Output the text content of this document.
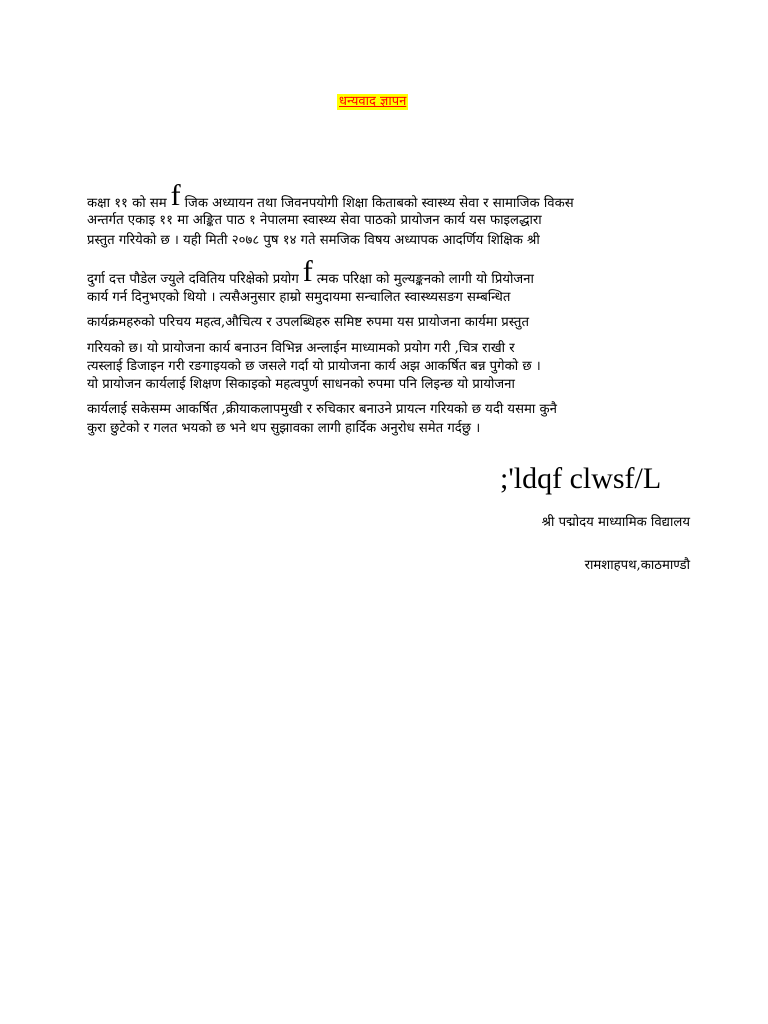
धन्यवाद ज्ञापन
कक्षा ११ को सम f जिक अध्यायन तथा जिवनपयोगी शिक्षा किताबको स्वास्थ्य सेवा र सामाजिक विकस
अन्तर्गत एकाइ ११ मा अङ्कित पाठ १ नेपालमा स्वास्थ्य सेवा पाठको प्रायोजन कार्य यस फाइलद्धारा
प्रस्तुत गरियेको छ । यही मिती २०७८ पुष १४ गते समजिक विषय अध्यापक आदर्णिय शिक्षिक श्री
दुर्गा दत्त पौडेल ज्युले दवितिय परिक्षेको प्रयोग f त्मक परिक्षा को मुल्यङ्कनको लागी यो प्रियोजना
कार्य गर्न दिनुभएको थियो । त्यसैअनुसार हाम्रो समुदायमा सन्चालित स्वास्थ्यसङग सम्बन्धित
कार्यक्रमहरुको परिचय महत्व,औचित्य र उपलब्धिहरु समिष्ट रुपमा यस प्रायोजना कार्यमा प्रस्तुत
गरियको छ। यो प्रायोजना कार्य बनाउन विभिन्न अन्लाईन माध्यामको प्रयोग गरी ,चित्र राखी र
त्यस्लाई डिजाइन गरी रङगाइयको छ जसले गर्दा यो प्रायोजना कार्य अझ आकर्षित बन्न पुगेको छ ।
यो प्रायोजन कार्यलाई शिक्षण सिकाइको महत्वपुर्ण साधनको रुपमा पनि लिइन्छ यो प्रायोजना
कार्यलाई सकेसम्म आकर्षित ,क्रीयाकलापमुखी र रुचिकार बनाउने प्रायत्न गरियको छ यदी यसमा कुनै
कुरा छुटेको र गलत भयको छ भने थप सुझावका लागी हार्दिक अनुरोध समेत गर्दछु ।
;'ldqf clwsf/L
श्री पद्मोदय माध्यामिक विद्यालय
रामशाहपथ,काठमाण्डौ
